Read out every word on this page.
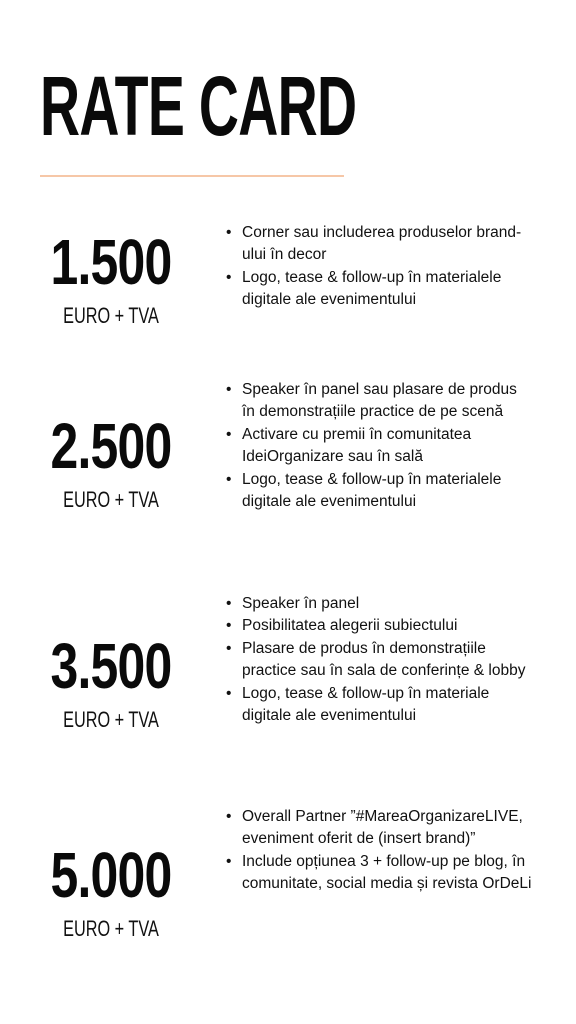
RATE CARD
1.500
EURO + TVA
• Corner sau includerea produselor brand-ului în decor
• Logo, tease & follow-up în materialele digitale ale evenimentului
2.500
EURO + TVA
• Speaker în panel sau plasare de produs în demonstrațiile practice de pe scenă
• Activare cu premii în comunitatea IdeiOrganizare sau în sală
• Logo, tease & follow-up în materialele digitale ale evenimentului
3.500
EURO + TVA
• Speaker în panel
• Posibilitatea alegerii subiectului
• Plasare de produs în demonstrațiile practice sau în sala de conferințe & lobby
• Logo, tease & follow-up în materiale digitale ale evenimentului
5.000
EURO + TVA
• Overall Partner ”#MareaOrganizareLIVE, eveniment oferit de (insert brand)”
• Include opțiunea 3 + follow-up pe blog, în comunitate, social media și revista OrDeLi
